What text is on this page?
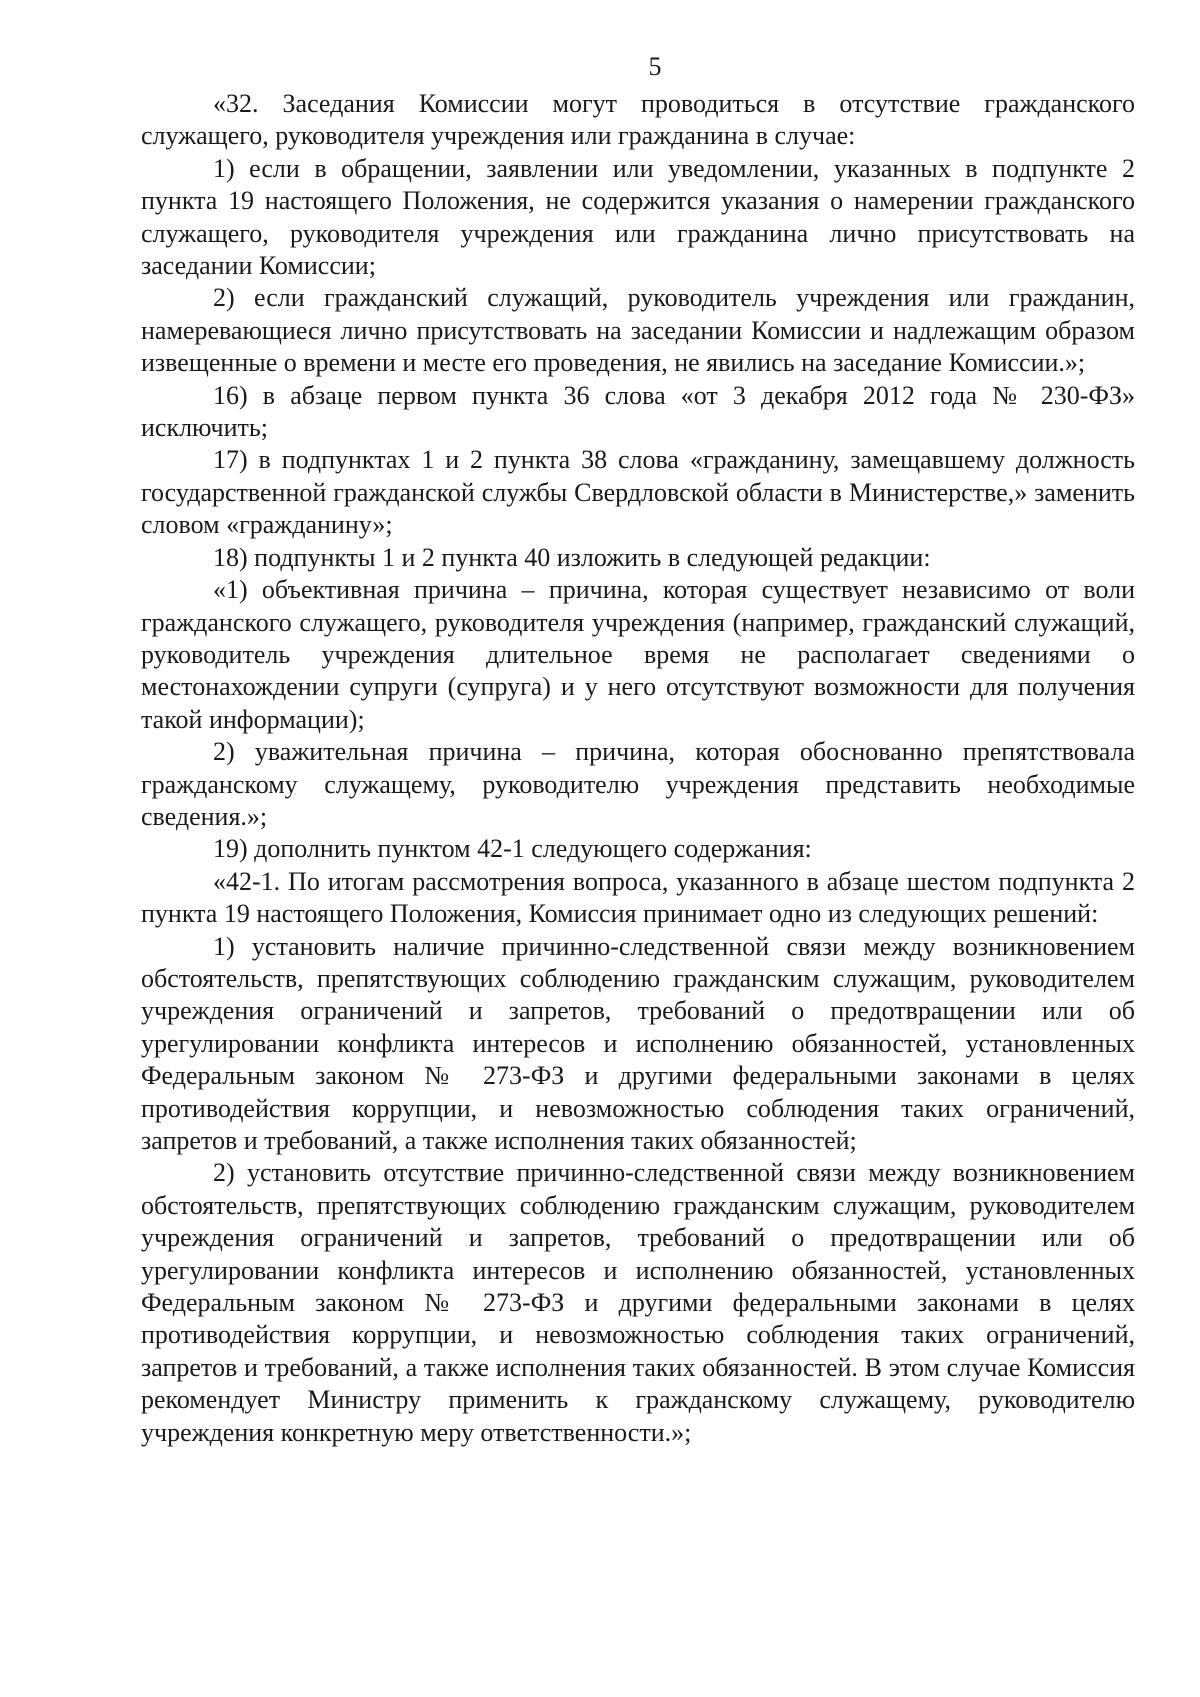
5

«32. Заседания Комиссии могут проводиться в отсутствие гражданского служащего, руководителя учреждения или гражданина в случае:

1) если в обращении, заявлении или уведомлении, указанных в подпункте 2 пункта 19 настоящего Положения, не содержится указания о намерении гражданского служащего, руководителя учреждения или гражданина лично присутствовать на заседании Комиссии;

2) если гражданский служащий, руководитель учреждения или гражданин, намеревающиеся лично присутствовать на заседании Комиссии и надлежащим образом извещенные о времени и месте его проведения, не явились на заседание Комиссии.»;

16) в абзаце первом пункта 36 слова «от 3 декабря 2012 года № 230-ФЗ» исключить;

17) в подпунктах 1 и 2 пункта 38 слова «гражданину, замещавшему должность государственной гражданской службы Свердловской области в Министерстве,» заменить словом «гражданину»;

18) подпункты 1 и 2 пункта 40 изложить в следующей редакции:

«1) объективная причина – причина, которая существует независимо от воли гражданского служащего, руководителя учреждения (например, гражданский служащий, руководитель учреждения длительное время не располагает сведениями о местонахождении супруги (супруга) и у него отсутствуют возможности для получения такой информации);

2) уважительная причина – причина, которая обоснованно препятствовала гражданскому служащему, руководителю учреждения представить необходимые сведения.»;

19) дополнить пунктом 42-1 следующего содержания:

«42-1. По итогам рассмотрения вопроса, указанного в абзаце шестом подпункта 2 пункта 19 настоящего Положения, Комиссия принимает одно из следующих решений:

1) установить наличие причинно-следственной связи между возникновением обстоятельств, препятствующих соблюдению гражданским служащим, руководителем учреждения ограничений и запретов, требований о предотвращении или об урегулировании конфликта интересов и исполнению обязанностей, установленных Федеральным законом № 273-ФЗ и другими федеральными законами в целях противодействия коррупции, и невозможностью соблюдения таких ограничений, запретов и требований, а также исполнения таких обязанностей;

2) установить отсутствие причинно-следственной связи между возникновением обстоятельств, препятствующих соблюдению гражданским служащим, руководителем учреждения ограничений и запретов, требований о предотвращении или об урегулировании конфликта интересов и исполнению обязанностей, установленных Федеральным законом № 273-ФЗ и другими федеральными законами в целях противодействия коррупции, и невозможностью соблюдения таких ограничений, запретов и требований, а также исполнения таких обязанностей. В этом случае Комиссия рекомендует Министру применить к гражданскому служащему, руководителю учреждения конкретную меру ответственности.»;
